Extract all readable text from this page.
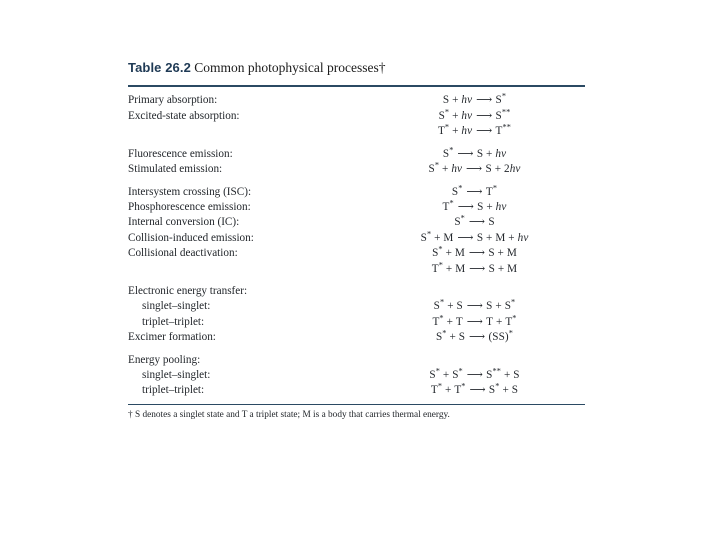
Table 26.2 Common photophysical processes†
Primary absorption:	S + hν ⟶ S*
Excited-state absorption:	S* + hν ⟶ S**
	T* + hν ⟶ T**

Fluorescence emission:	S* ⟶ S + hν
Stimulated emission:	S* + hν ⟶ S + 2hν

Intersystem crossing (ISC):	S* ⟶ T*
Phosphorescence emission:	T* ⟶ S + hν
Internal conversion (IC):	S* ⟶ S
Collision-induced emission:	S* + M ⟶ S + M + hν
Collisional deactivation:	S* + M ⟶ S + M
	T* + M ⟶ S + M

Electronic energy transfer:	
singlet–singlet:	S* + S ⟶ S + S*
triplet–triplet:	T* + T ⟶ T + T*
Excimer formation:	S* + S ⟶ (SS)*

Energy pooling:	
singlet–singlet:	S* + S* ⟶ S** + S
triplet–triplet:	T* + T* ⟶ S* + S
† S denotes a singlet state and T a triplet state; M is a body that carries thermal energy.
